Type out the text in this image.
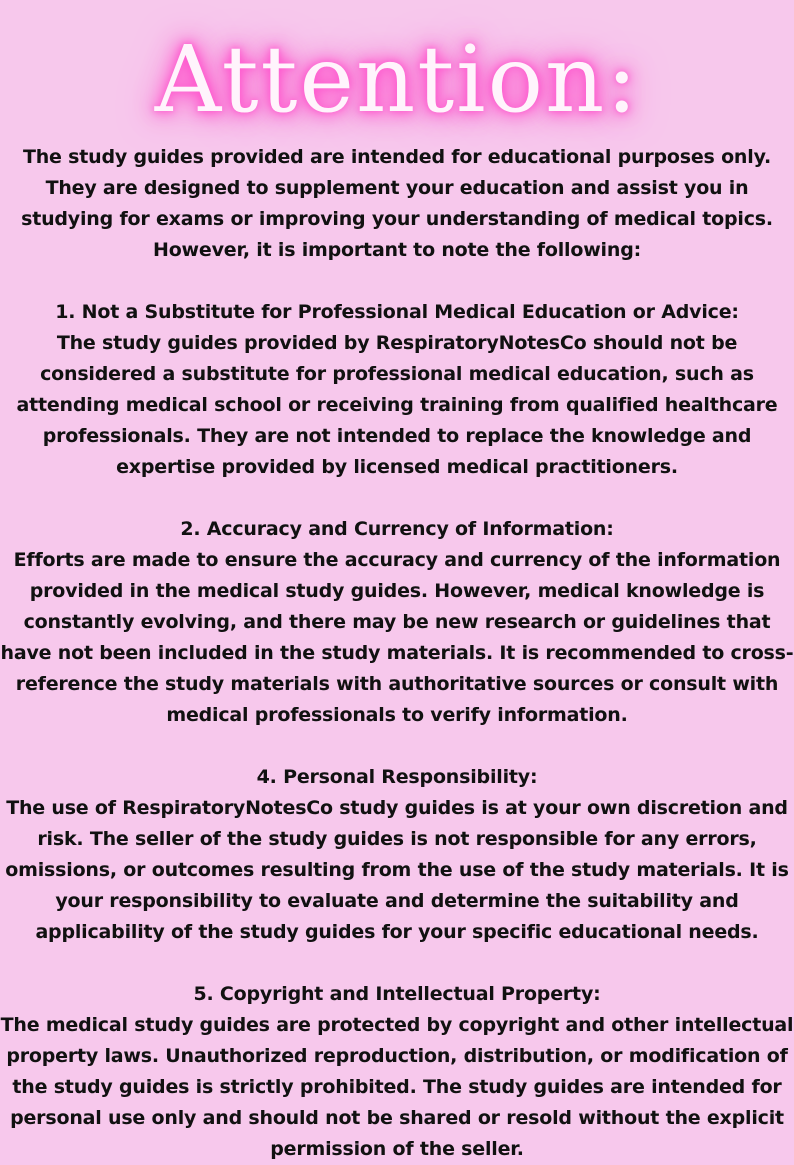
Attention:

The study guides provided are intended for educational purposes only. They are designed to supplement your education and assist you in studying for exams or improving your understanding of medical topics. However, it is important to note the following:

1. Not a Substitute for Professional Medical Education or Advice:

The study guides provided by RespiratoryNotesCo should not be considered a substitute for professional medical education, such as attending medical school or receiving training from qualified healthcare professionals. They are not intended to replace the knowledge and expertise provided by licensed medical practitioners.

2. Accuracy and Currency of Information:

Efforts are made to ensure the accuracy and currency of the information provided in the medical study guides. However, medical knowledge is constantly evolving, and there may be new research or guidelines that have not been included in the study materials. It is recommended to cross-reference the study materials with authoritative sources or consult with medical professionals to verify information.

4. Personal Responsibility:

The use of RespiratoryNotesCo study guides is at your own discretion and risk. The seller of the study guides is not responsible for any errors, omissions, or outcomes resulting from the use of the study materials. It is your responsibility to evaluate and determine the suitability and applicability of the study guides for your specific educational needs.

5. Copyright and Intellectual Property:

The medical study guides are protected by copyright and other intellectual property laws. Unauthorized reproduction, distribution, or modification of the study guides is strictly prohibited. The study guides are intended for personal use only and should not be shared or resold without the explicit permission of the seller.
